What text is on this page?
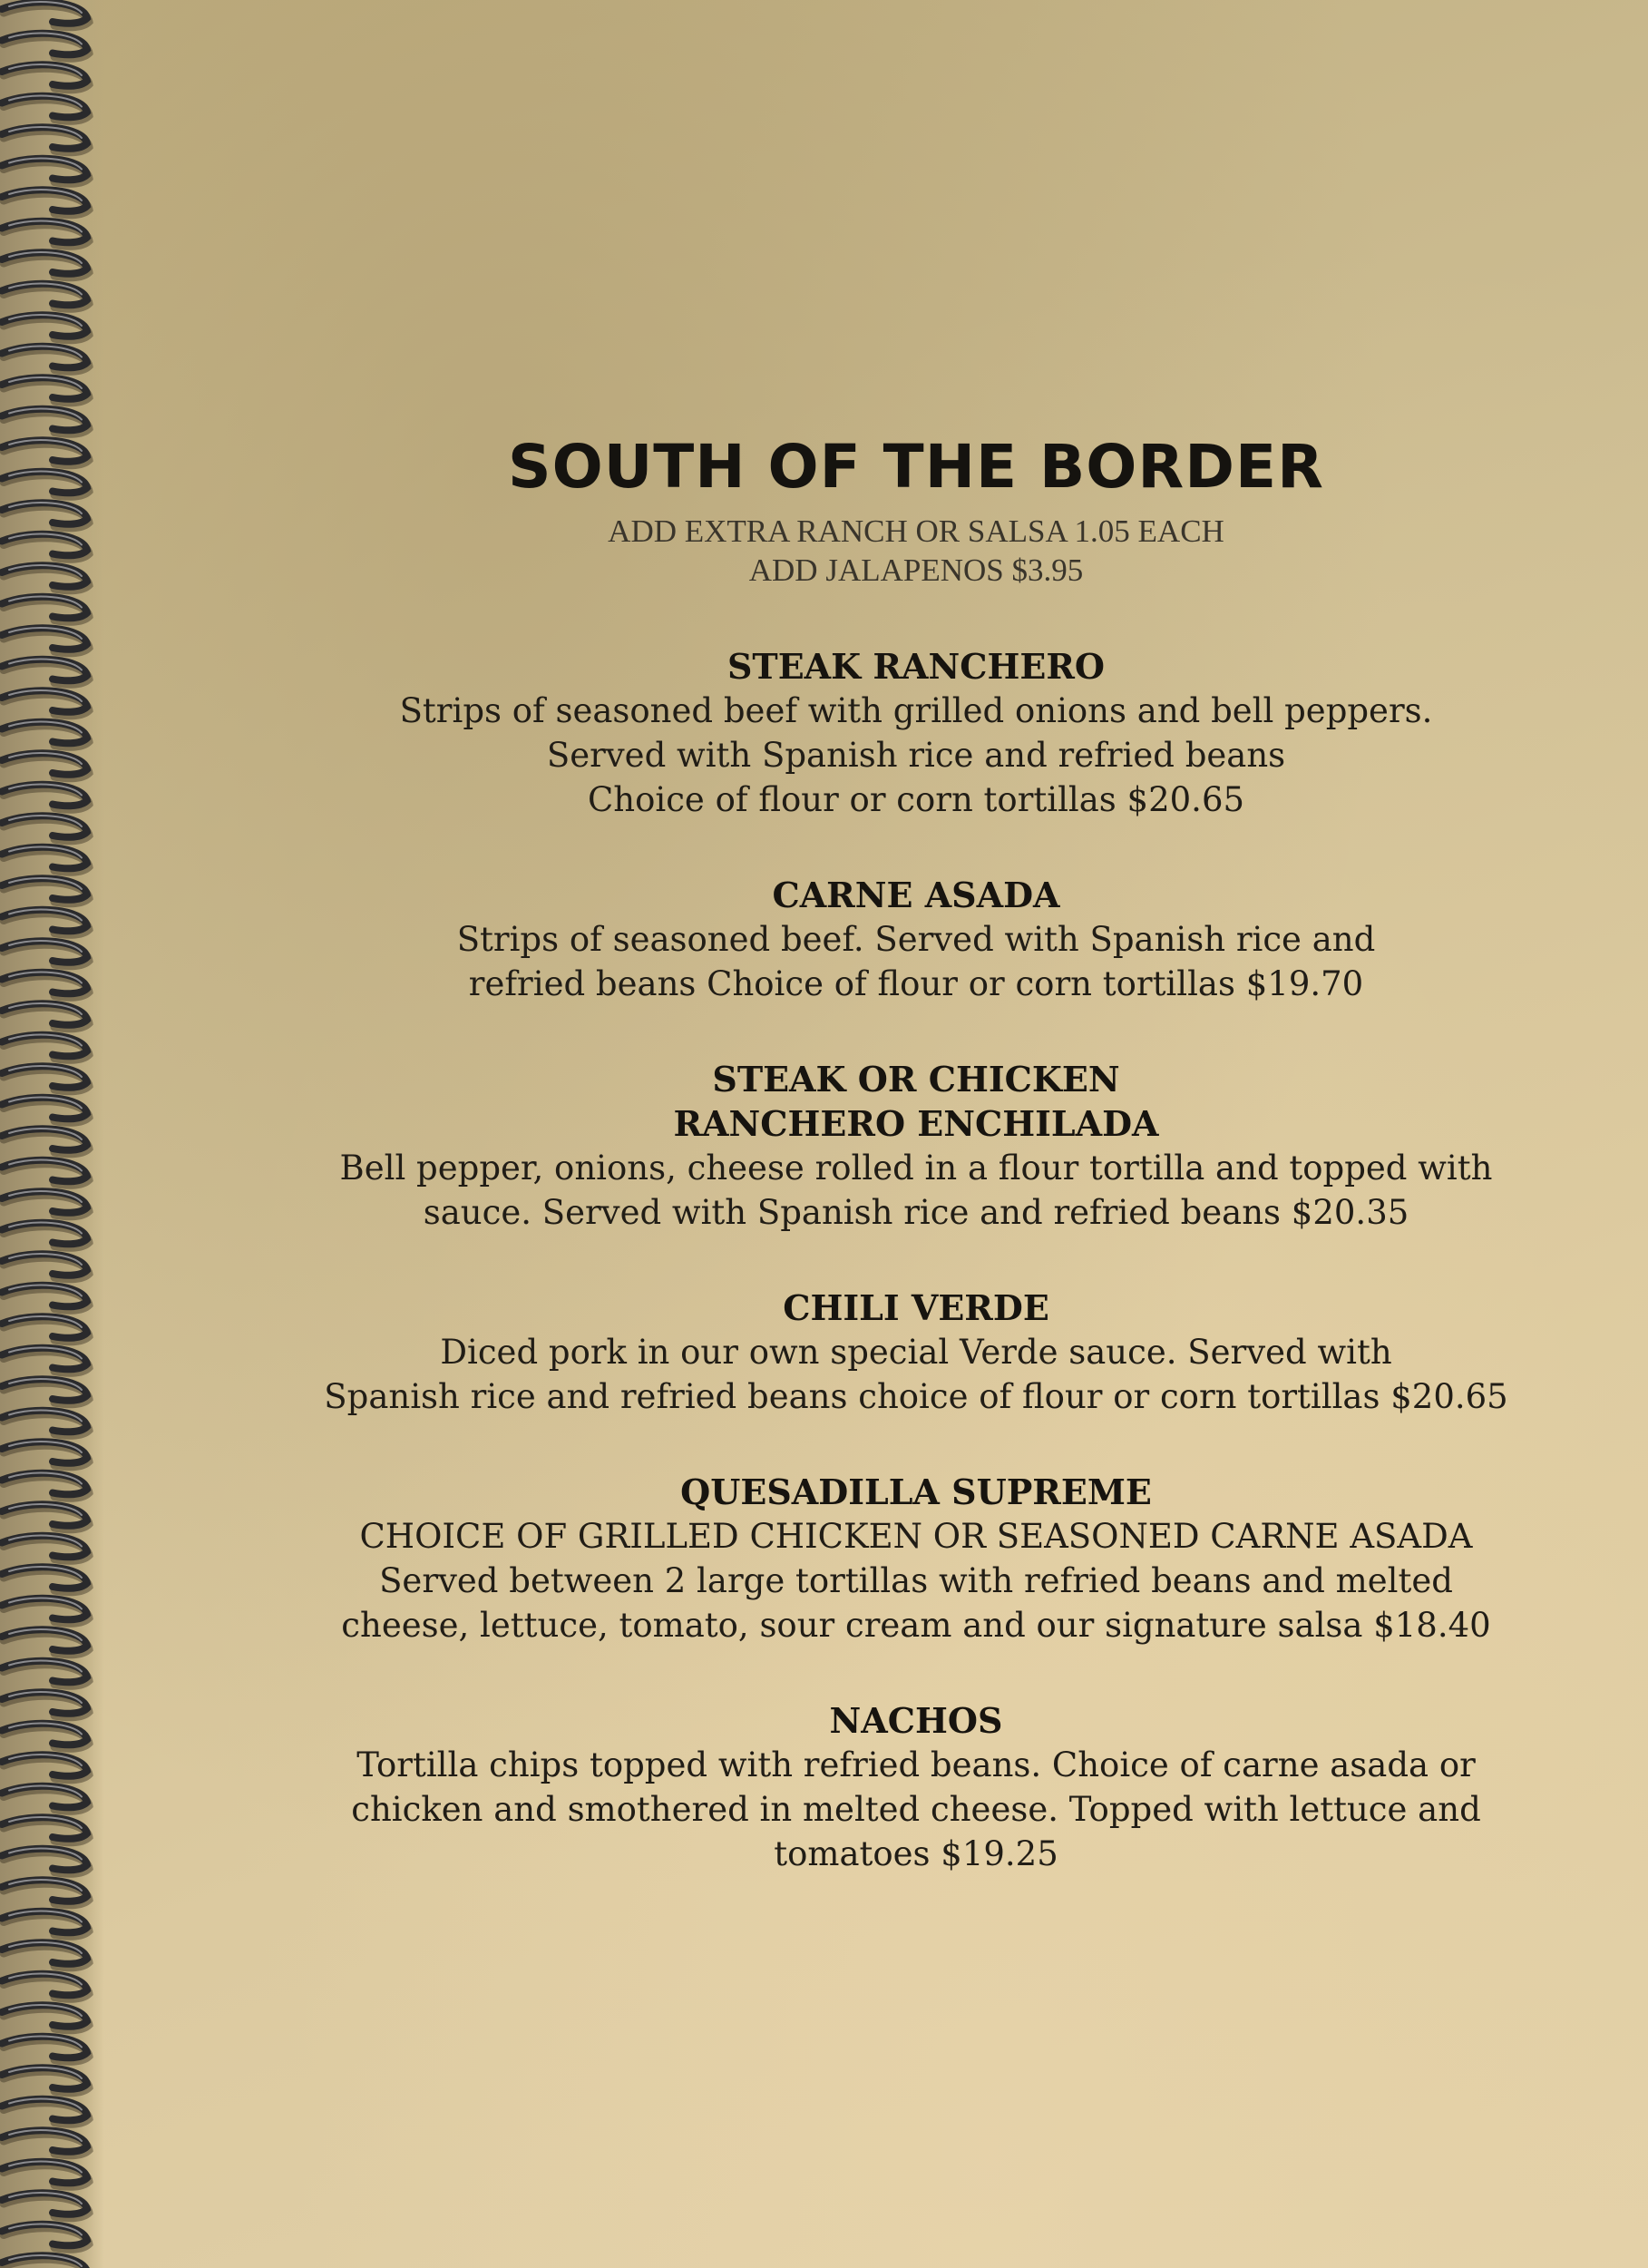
SOUTH OF THE BORDER

ADD EXTRA RANCH OR SALSA 1.05 EACH

ADD JALAPENOS $3.95

STEAK RANCHERO

Strips of seasoned beef with grilled onions and bell peppers.
Served with Spanish rice and refried beans
Choice of flour or corn tortillas $20.65

CARNE ASADA

Strips of seasoned beef. Served with Spanish rice and
refried beans Choice of flour or corn tortillas $19.70

STEAK OR CHICKEN
RANCHERO ENCHILADA

Bell pepper, onions, cheese rolled in a flour tortilla and topped with
sauce. Served with Spanish rice and refried beans $20.35

CHILI VERDE

Diced pork in our own special Verde sauce. Served with
Spanish rice and refried beans choice of flour or corn tortillas $20.65

QUESADILLA SUPREME

CHOICE OF GRILLED CHICKEN OR SEASONED CARNE ASADA
Served between 2 large tortillas with refried beans and melted
cheese, lettuce, tomato, sour cream and our signature salsa $18.40

NACHOS

Tortilla chips topped with refried beans. Choice of carne asada or
chicken and smothered in melted cheese. Topped with lettuce and
tomatoes $19.25
